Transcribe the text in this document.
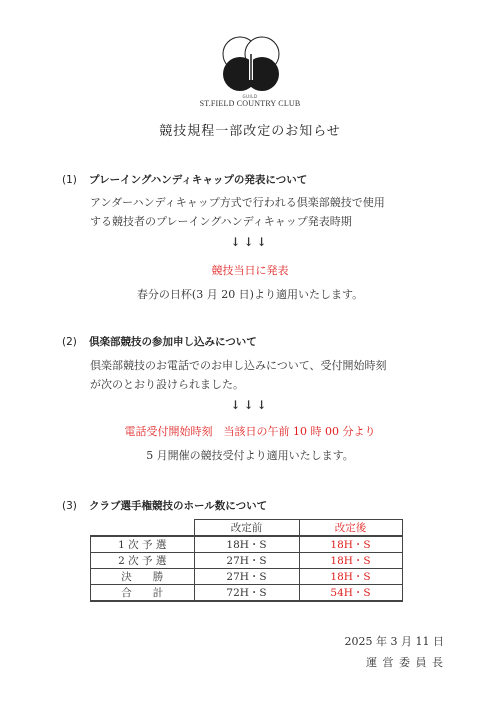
GUILD
ST.FIELD COUNTRY CLUB
競技規程一部改定のお知らせ
(1) プレーイングハンディキャップの発表について
アンダーハンディキャップ方式で行われる倶楽部競技で使用
する競技者のプレーイングハンディキャップ発表時期
↓↓↓
競技当日に発表
春分の日杯(3 月 20 日)より適用いたします。
(2) 倶楽部競技の参加申し込みについて
倶楽部競技のお電話でのお申し込みについて、受付開始時刻
が次のとおり設けられました。
↓↓↓
電話受付開始時刻　当該日の午前 10 時 00 分より
5 月開催の競技受付より適用いたします。
(3) クラブ選手権競技のホール数について
	改定前	改定後
1 次 予 選	18H・S	18H・S
2 次 予 選	27H・S	18H・S
決　　勝	27H・S	18H・S
合　　計	72H・S	54H・S
2025 年 3 月 11 日
運 営 委 員 長
